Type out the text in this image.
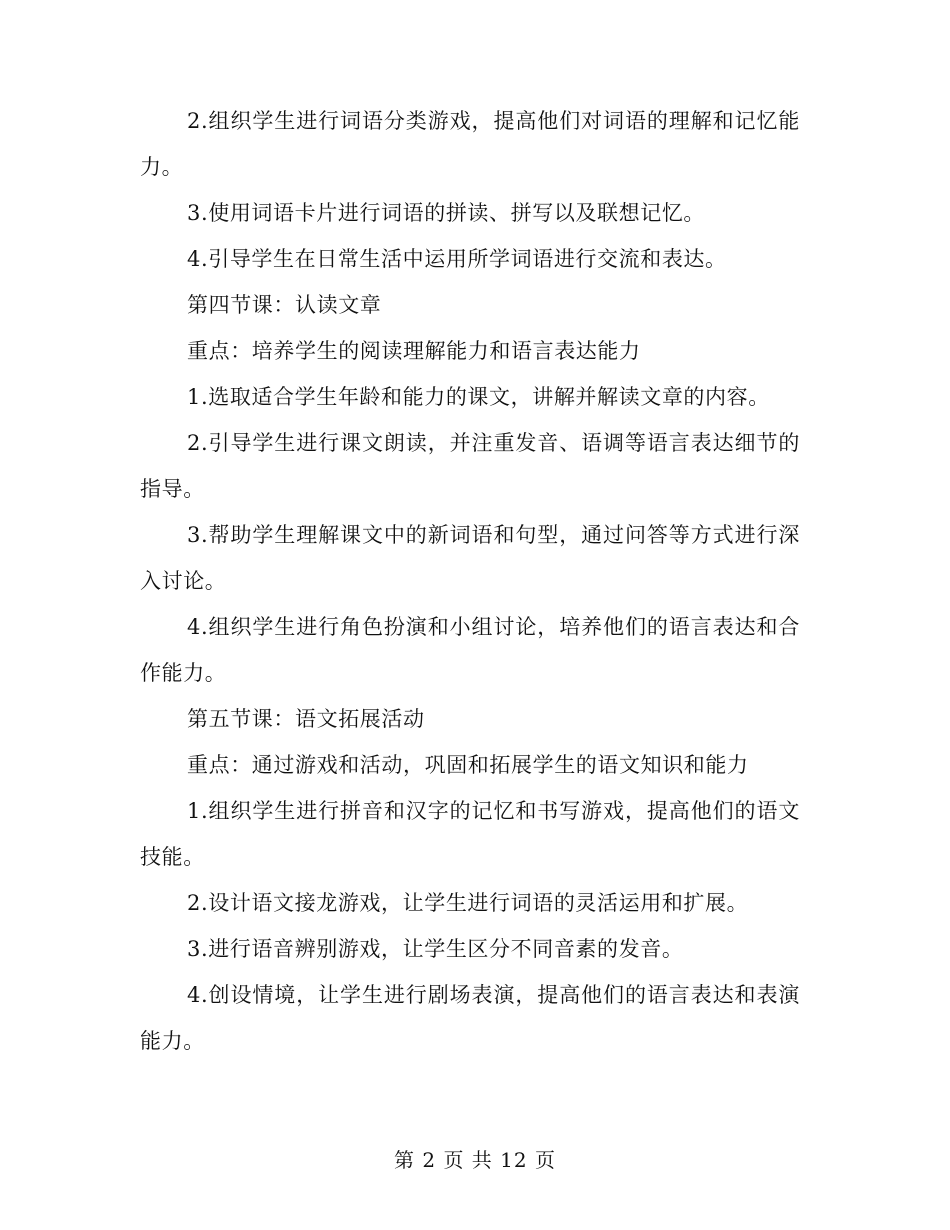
2.组织学生进行词语分类游戏，提高他们对词语的理解和记忆能力。

3.使用词语卡片进行词语的拼读、拼写以及联想记忆。

4.引导学生在日常生活中运用所学词语进行交流和表达。

第四节课：认读文章

重点：培养学生的阅读理解能力和语言表达能力

1.选取适合学生年龄和能力的课文，讲解并解读文章的内容。

2.引导学生进行课文朗读，并注重发音、语调等语言表达细节的指导。

3.帮助学生理解课文中的新词语和句型，通过问答等方式进行深入讨论。

4.组织学生进行角色扮演和小组讨论，培养他们的语言表达和合作能力。

第五节课：语文拓展活动

重点：通过游戏和活动，巩固和拓展学生的语文知识和能力

1.组织学生进行拼音和汉字的记忆和书写游戏，提高他们的语文技能。

2.设计语文接龙游戏，让学生进行词语的灵活运用和扩展。

3.进行语音辨别游戏，让学生区分不同音素的发音。

4.创设情境，让学生进行剧场表演，提高他们的语言表达和表演能力。

第 2 页 共 12 页
